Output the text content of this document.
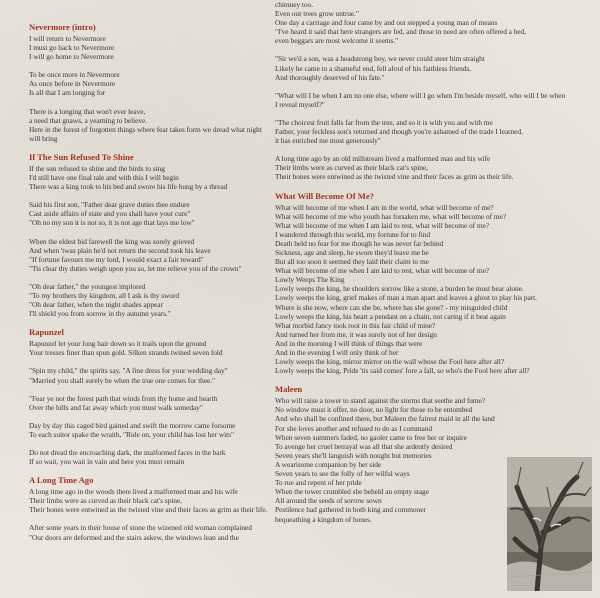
Nevermore (intro)
I will return to Nevermore
I must go back to Nevermore
I will go home to Nevermore
To be once more in Nevermore
As once before in Nevermore
Is all that I am longing for
There is a longing that won't ever leave,
a need that gnaws, a yearning to believe.
Here in the forest of forgotten things where fear takes form we dread what night will bring
If The Sun Refused To Shine
If the sun refused to shine and the birds to sing
I'd still have one final tale and with this I will begin
There was a king took to his bed and swore his life hung by a thread
Said his first son, "Father dear grave duties thee endure
Cast aside affairs of state and you shall have your cure"
"Oh no my son it is not so, it is not age that lays me low"
When the eldest bid farewell the king was sorely grieved
And when 'twas plain he'd not return the second took his leave
"If fortune favours me my lord, I would exact a fair reward"
"Tis clear thy duties weigh upon you so, let me relieve you of the crown"
"Oh dear father," the youngest implored
"To my brothers thy kingdom, all I ask is thy sword
"Oh dear father, when the night shades appear
I'll shield you from sorrow in thy autumn years."
Rapunzel
Rapunzel let your long hair down so it trails upon the ground
Your tresses finer than spun gold. Silken strands twined seven fold
"Spin my child," the spirits say, "A fine dress for your wedding day"
"Married you shall surely be when the true one comes for thee."
"Fear ye not the forest path that winds from thy home and hearth
Over the hills and far away which you must walk someday"
Day by day this caged bird gained and swift the morrow came forsome
To each suitor spake the wraith, "Ride on, your child has lost her wits"
Do not dread the encroaching dark, the malformed faces in the bark
If so wait, you wait in vain and here you must remain
A Long Time Ago
A long time ago in the woods there lived a malformed man and his wife
Their limbs were as curved as their black cat's spine,
Their bones were entwined as the twisted vine and their faces as grim as their life.
After some years in their house of stone the wizened old woman complained
"Our doors are deformed and the stairs askew, the windows lean and the
chimney too.
Even our trees grow untrue."
One day a carriage and four came by and out stepped a young man of means
"I've heard it said that here strangers are fed, and those in need are often offered a bed,
even beggars are most welcome it seems."
"Sir we'd a son, was a headstrong boy, we never could steer him straight
Likely he came to a shameful end, fell afoul of his faithless friends,
And thoroughly deserved of his fate."
"What will I be when I am no one else, where will I go when I'm beside myself, who will I be when
I reveal myself?"
"The choicest fruit falls far from the tree, and so it is with you and with me
Father, your feckless son's returned and though you're ashamed of the trade I learned,
it has enriched me most generously"
A long time ago by an old millstream lived a malformed man and his wife
Their limbs were as curved as their black cat's spine,
Their bones were entwined as the twisted vine and their faces as grim as their life.
What Will Become Of Me?
What will become of me when I am in the world, what will become of me?
What will become of me who youth has forsaken me, what will become of me?
What will become of me when I am laid to rest, what will become of me?
I wandered through this world, my fortune for to find
Death held no fear for me though he was never far behind
Sickness, age and sleep, he swore they'd leave me be
But all too soon it seemed they laid their claim to me
What will become of me when I am laid to rest, what will become of me?
Lowly Weeps The King
Lowly weeps the king, he shoulders sorrow like a stone, a burden he must bear alone.
Lowly weeps the king, grief makes of man a man apart and leaves a ghost to play his part.
Where is she now, where can she be, where has she gone? - my misguided child
Lowly weeps the king, his heart a pendant on a chain, not caring if it beat again
What morbid fancy took root in this fair child of mine?
And turned her from me, it was surely not of her design
And in the morning I will think of things that were
And in the evening I will only think of her
Lowly weeps the king, mirror mirror on the wall whose the Fool here after all?
Lowly weeps the king, Pride 'tis said comes' fore a fall, so who's the Fool here after all?
Maleen
Who will raise a tower to stand against the storms that seethe and fume?
No window must it offer, no door, no light for those to be entombed
And who shall be confined there, but Maleen the fairest maid in all the land
For she loves another and refused to do as I command
When seven summers faded, no gaoler came to free her or inquire
To avenge her cruel betrayal was all that she ardently desired
Seven years she'll languish with nought but memories
A wearisome companion by her side
Seven years to see the folly of her wilful ways
To rue and repent of her pride
When the tower crumbled she beheld an empty stage
All around the seeds of sorrow sown
Pestilence had gathered in both king and commoner
bequeathing a kingdom of bones.
